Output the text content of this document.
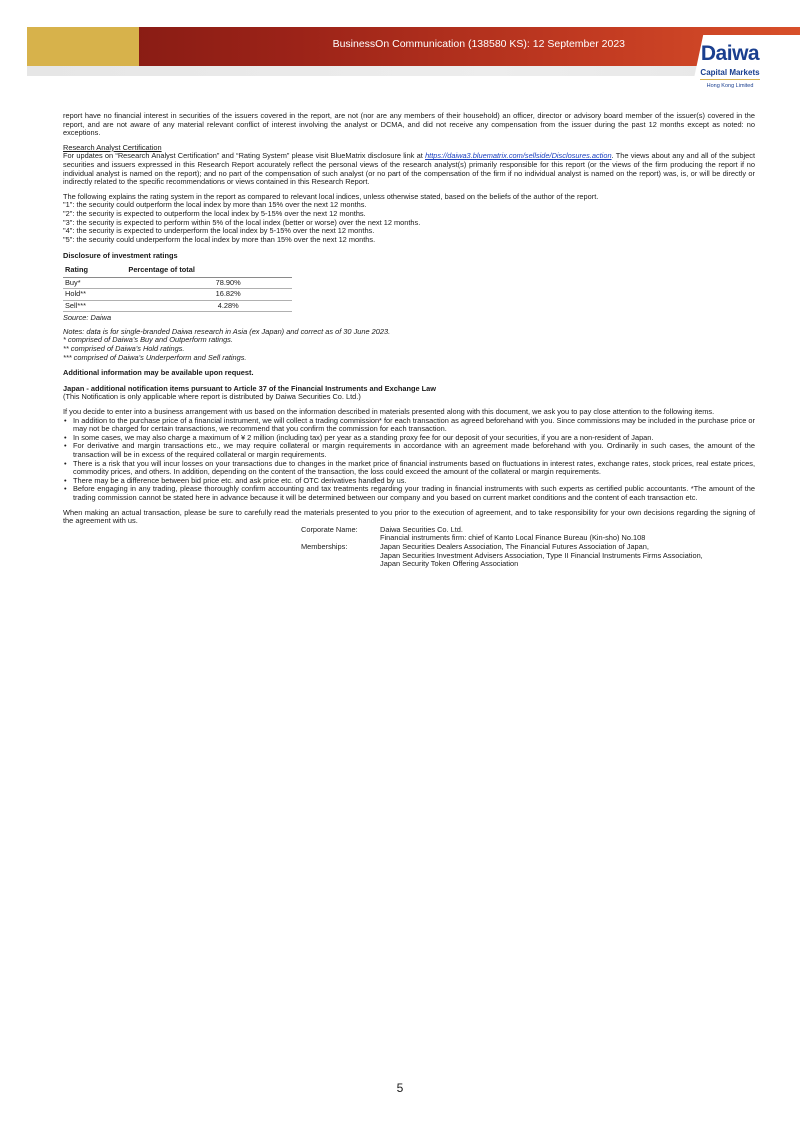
BusinessOn Communication (138580 KS): 12 September 2023	Daiwa
Capital Markets
Hong Kong Limited

report have no financial interest in securities of the issuers covered in the report, are not (nor are any members of their household) an officer, director or advisory board member of the issuer(s) covered in the report, and are not aware of any material relevant conflict of interest involving the analyst or DCMA, and did not receive any compensation from the issuer during the past 12 months except as noted: no exceptions.

Research Analyst Certification

For updates on “Research Analyst Certification” and “Rating System” please visit BlueMatrix disclosure link at https://daiwa3.bluematrix.com/sellside/Disclosures.action. The views about any and all of the subject securities and issuers expressed in this Research Report accurately reflect the personal views of the research analyst(s) primarily responsible for this report (or the views of the firm producing the report if no individual analyst is named on the report); and no part of the compensation of such analyst (or no part of the compensation of the firm if no individual analyst is named on the report) was, is, or will be directly or indirectly related to the specific recommendations or views contained in this Research Report.

The following explains the rating system in the report as compared to relevant local indices, unless otherwise stated, based on the beliefs of the author of the report.
"1": the security could outperform the local index by more than 15% over the next 12 months.
"2": the security is expected to outperform the local index by 5-15% over the next 12 months.
"3": the security is expected to perform within 5% of the local index (better or worse) over the next 12 months.
"4": the security is expected to underperform the local index by 5-15% over the next 12 months.
"5": the security could underperform the local index by more than 15% over the next 12 months.
Disclosure of investment ratings
Rating	Percentage of total
Buy*	78.90%
Hold**	16.82%
Sell***	4.28%
Source: Daiwa
Notes: data is for single-branded Daiwa research in Asia (ex Japan) and correct as of 30 June 2023.
* comprised of Daiwa’s Buy and Outperform ratings.
** comprised of Daiwa’s Hold ratings.
*** comprised of Daiwa’s Underperform and Sell ratings.
Additional information may be available upon request.
Japan - additional notification items pursuant to Article 37 of the Financial Instruments and Exchange Law
(This Notification is only applicable where report is distributed by Daiwa Securities Co. Ltd.)
If you decide to enter into a business arrangement with us based on the information described in materials presented along with this document, we ask you to pay close attention to the following items.
• In addition to the purchase price of a financial instrument, we will collect a trading commission* for each transaction as agreed beforehand with you. Since commissions may be included in the purchase price or may not be charged for certain transactions, we recommend that you confirm the commission for each transaction.
• In some cases, we may also charge a maximum of ¥ 2 million (including tax) per year as a standing proxy fee for our deposit of your securities, if you are a non-resident of Japan.
• For derivative and margin transactions etc., we may require collateral or margin requirements in accordance with an agreement made beforehand with you. Ordinarily in such cases, the amount of the transaction will be in excess of the required collateral or margin requirements.
• There is a risk that you will incur losses on your transactions due to changes in the market price of financial instruments based on fluctuations in interest rates, exchange rates, stock prices, real estate prices, commodity prices, and others. In addition, depending on the content of the transaction, the loss could exceed the amount of the collateral or margin requirements.
• There may be a difference between bid price etc. and ask price etc. of OTC derivatives handled by us.
• Before engaging in any trading, please thoroughly confirm accounting and tax treatments regarding your trading in financial instruments with such experts as certified public accountants. *The amount of the trading commission cannot be stated here in advance because it will be determined between our company and you based on current market conditions and the content of each transaction etc.
When making an actual transaction, please be sure to carefully read the materials presented to you prior to the execution of agreement, and to take responsibility for your own decisions regarding the signing of the agreement with us.
Corporate Name:	Daiwa Securities Co. Ltd.
Financial instruments firm: chief of Kanto Local Finance Bureau (Kin-sho) No.108
Memberships:	Japan Securities Dealers Association, The Financial Futures Association of Japan,
Japan Securities Investment Advisers Association, Type II Financial Instruments Firms Association,
Japan Security Token Offering Association
5
